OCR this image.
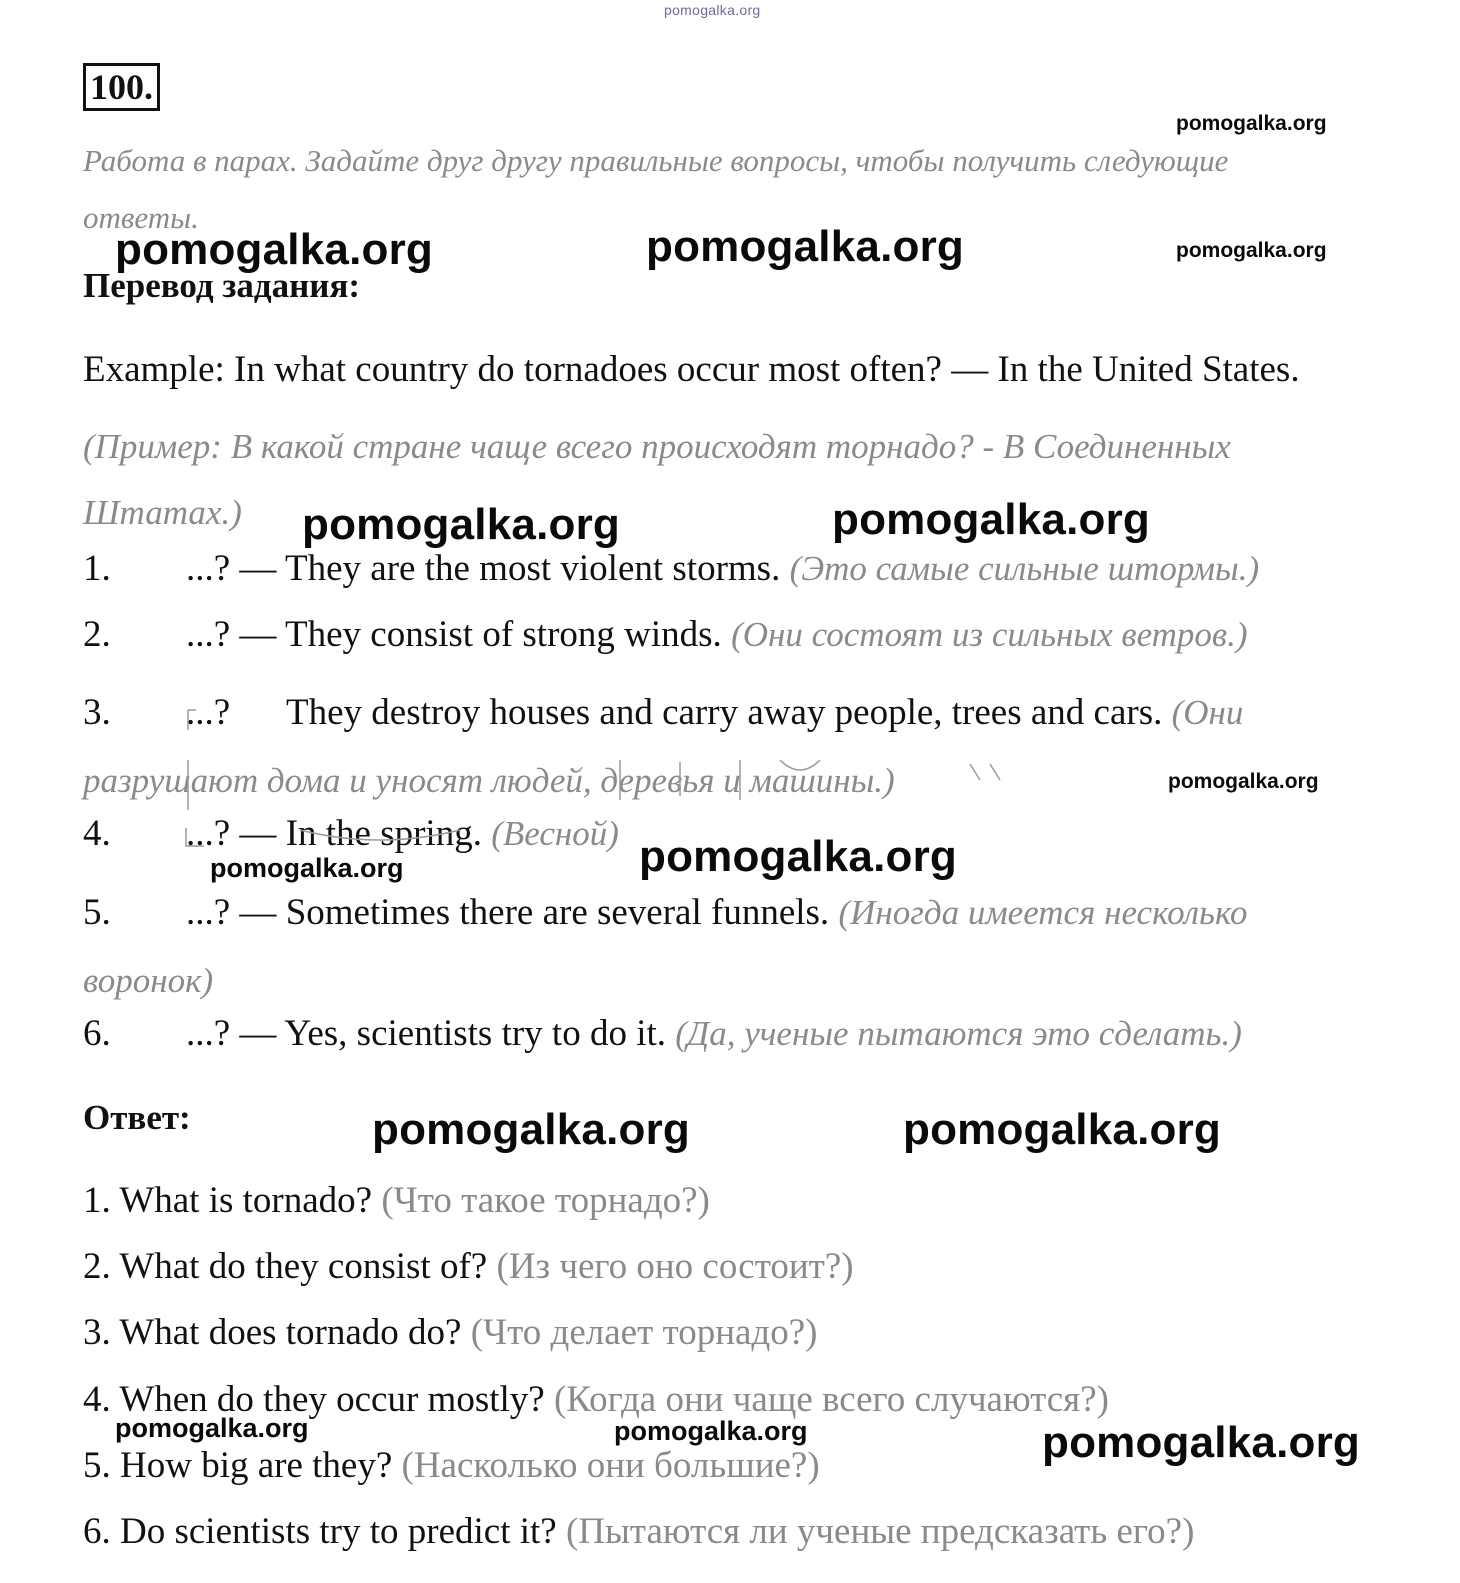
pomogalka.org
100.
Работа в парах. Задайте друг другу правильные вопросы, чтобы получить следующие ответы.
Перевод задания:
Example: In what country do tornadoes occur most often? — In the United States.
(Пример: В какой стране чаще всего происходят торнадо? - В Соединенных Штатах.)
1. ...? — They are the most violent storms. (Это самые сильные штормы.)
2. ...? — They consist of strong winds. (Они состоят из сильных ветров.)
3. ...? They destroy houses and carry away people, trees and cars. (Они разрушают дома и уносят людей, деревья и машины.)
4. ...? — In the spring. (Весной)
5. ...? — Sometimes there are several funnels. (Иногда имеется несколько воронок)
6. ...? — Yes, scientists try to do it. (Да, ученые пытаются это сделать.)
Ответ:
1. What is tornado? (Что такое торнадо?)
2. What do they consist of? (Из чего оно состоит?)
3. What does tornado do? (Что делает торнадо?)
4. When do they occur mostly? (Когда они чаще всего случаются?)
5. How big are they? (Насколько они большие?)
6. Do scientists try to predict it? (Пытаются ли ученые предсказать его?)
pomogalka.org
pomogalka.org
pomogalka.org	pomogalka.org
pomogalka.org	pomogalka.org
pomogalka.org
pomogalka.org	pomogalka.org
pomogalka.org	pomogalka.org
pomogalka.org	pomogalka.org	pomogalka.org
